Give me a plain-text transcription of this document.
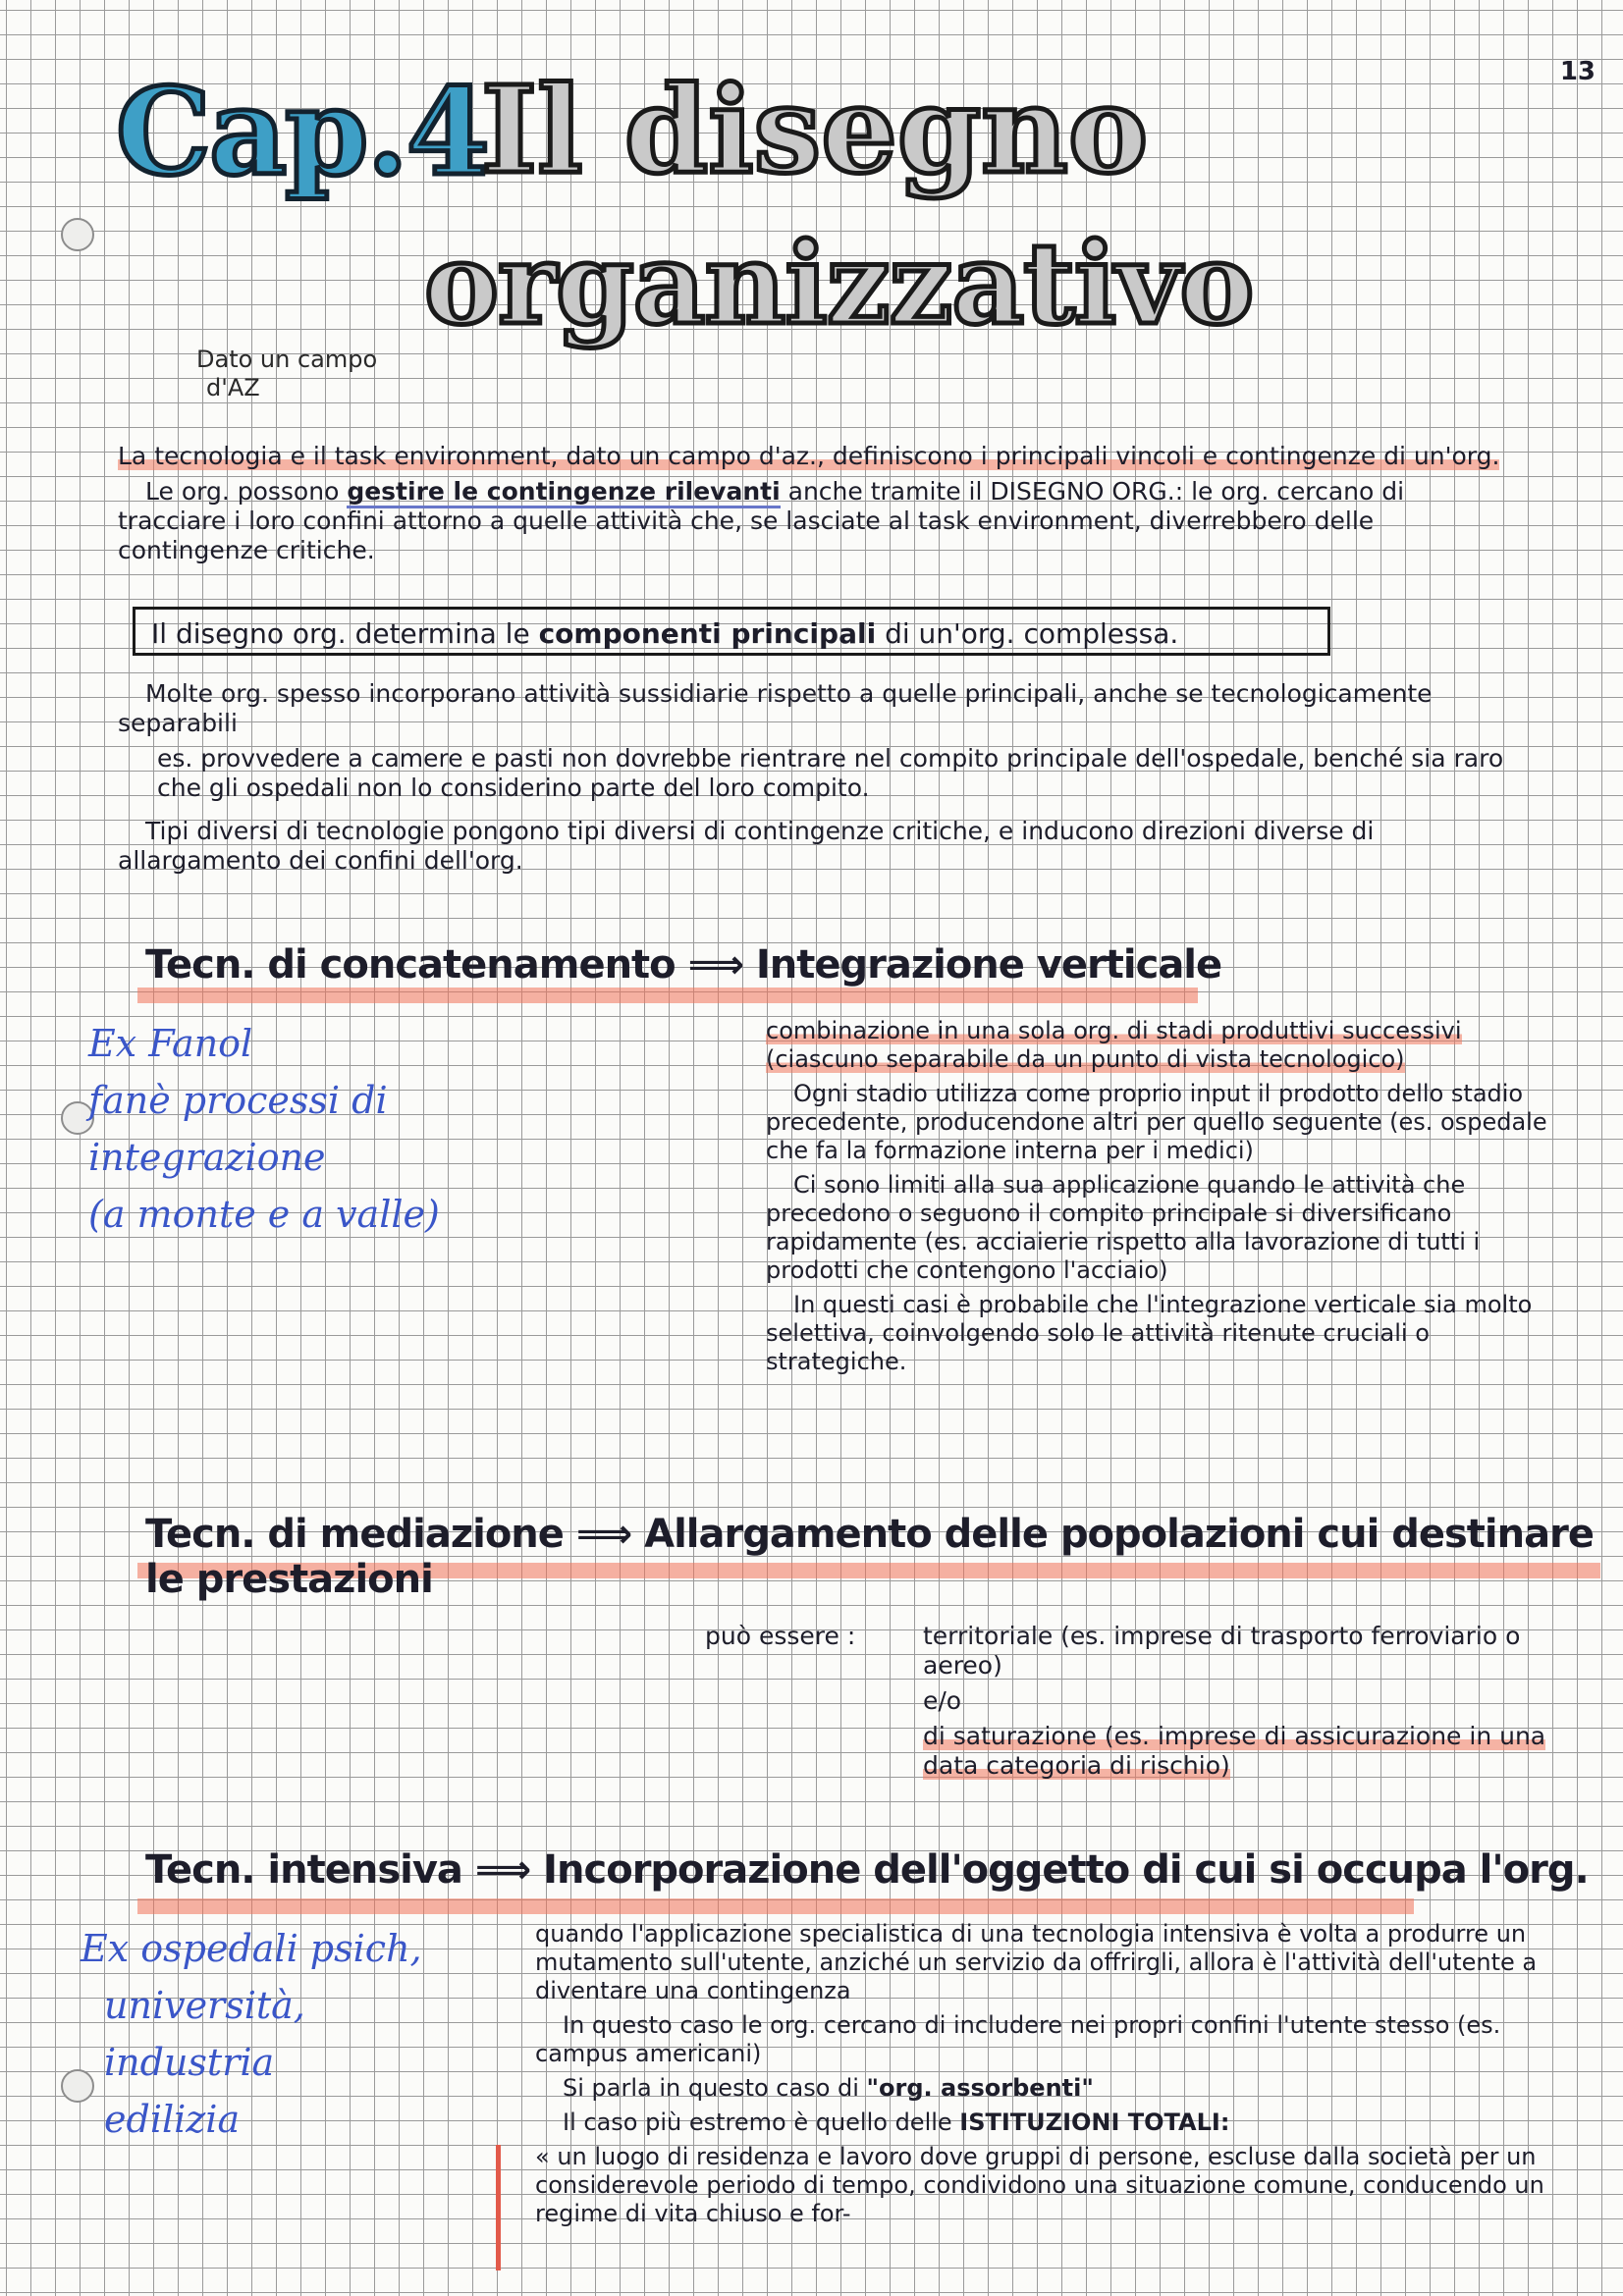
13
Cap.4
Il disegno
organizzativo
Dato un campo
d'AZ

La tecnologia e il task environment, dato un campo d'az., definiscono i principali vincoli e contingenze di un'org.

Le org. possono gestire le contingenze rilevanti anche tramite il DISEGNO ORG.: le org. cercano di tracciare i loro confini attorno a quelle attività che, se lasciate al task environment, diverrebbero delle contingenze critiche.

Il disegno org. determina le componenti principali di un'org. complessa.

Molte org. spesso incorporano attività sussidiarie rispetto a quelle principali, anche se tecnologicamente separabili

es. provvedere a camere e pasti non dovrebbe rientrare nel compito principale dell'ospedale, benché sia raro che gli ospedali non lo considerino parte del loro compito.

Tipi diversi di tecnologie pongono tipi diversi di contingenze critiche, e inducono direzioni diverse di allargamento dei confini dell'org.

Tecn. di concatenamento ⟹ Integrazione verticale
Ex Fanol
fanè processi di
integrazione
(a monte e a valle)

combinazione in una sola org. di stadi produttivi successivi (ciascuno separabile da un punto di vista tecnologico)

Ogni stadio utilizza come proprio input il prodotto dello stadio precedente, producendone altri per quello seguente (es. ospedale che fa la formazione interna per i medici)

Ci sono limiti alla sua applicazione quando le attività che precedono o seguono il compito principale si diversificano rapidamente (es. acciaierie rispetto alla lavorazione di tutti i prodotti che contengono l'acciaio)

In questi casi è probabile che l'integrazione verticale sia molto selettiva, coinvolgendo solo le attività ritenute cruciali o strategiche.

Tecn. di mediazione ⟹ Allargamento delle popolazioni cui destinare le prestazioni
può essere :	territoriale (es. imprese di trasporto ferroviario o aereo)

e/o

di saturazione (es. imprese di assicurazione in una data categoria di rischio)

Tecn. intensiva ⟹ Incorporazione dell'oggetto di cui si occupa l'org.
Ex ospedali psich,
università,
industria
edilizia

quando l'applicazione specialistica di una tecnologia intensiva è volta a produrre un mutamento sull'utente, anziché un servizio da offrirgli, allora è l'attività dell'utente a diventare una contingenza

In questo caso le org. cercano di includere nei propri confini l'utente stesso (es. campus americani)

Si parla in questo caso di "org. assorbenti"

Il caso più estremo è quello delle ISTITUZIONI TOTALI:

« un luogo di residenza e lavoro dove gruppi di persone, escluse dalla società per un considerevole periodo di tempo, condividono una situazione comune, conducendo un regime di vita chiuso e for-
